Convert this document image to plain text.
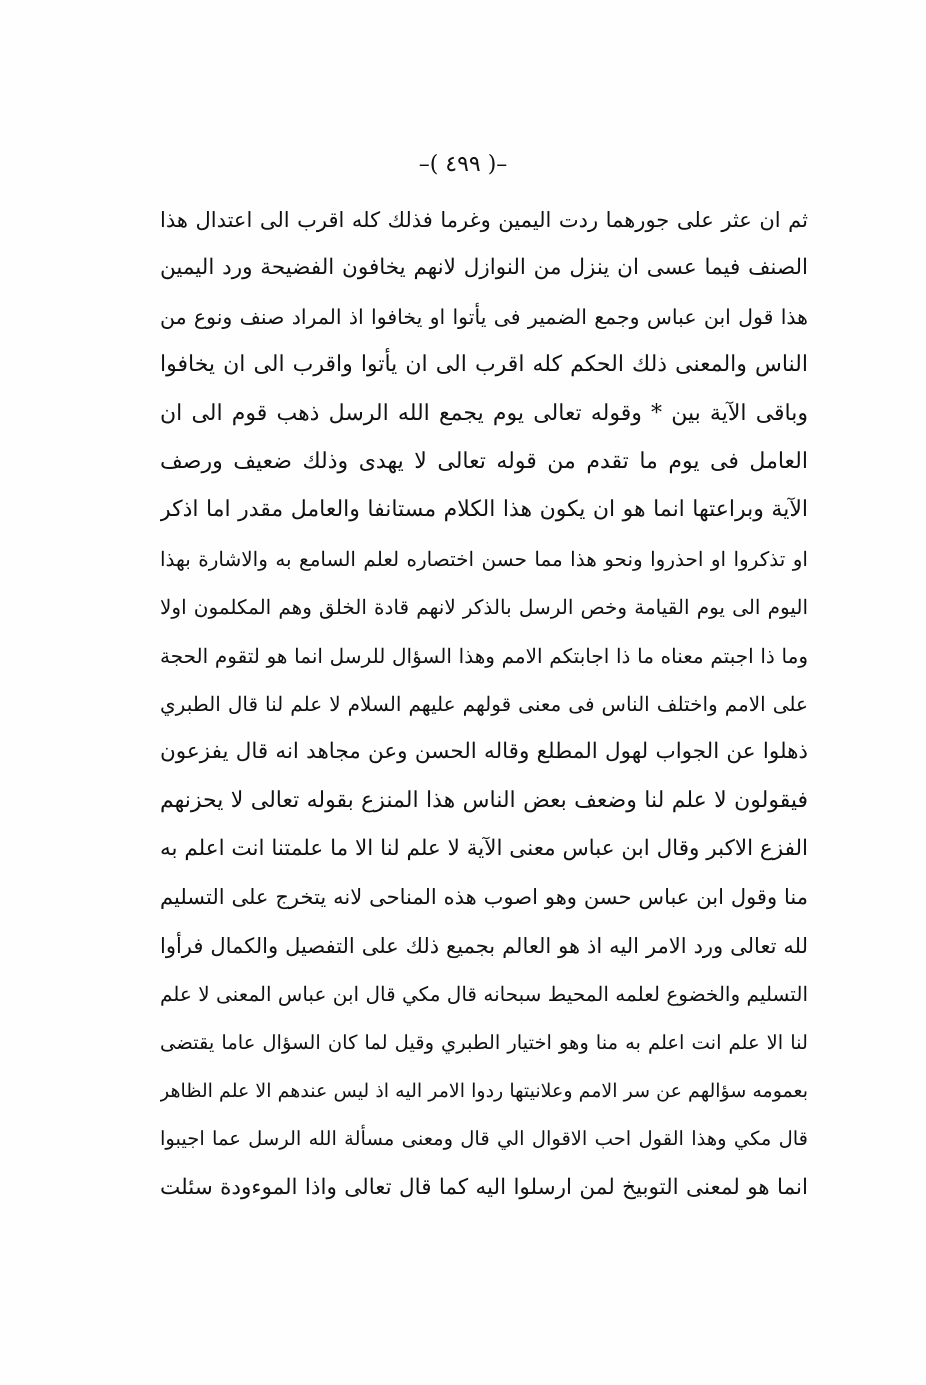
–( ٤٩٩ )–
ثم ان عثر على جورهما ردت اليمين وغرما فذلك كله اقرب الى اعتدال هذا
الصنف فيما عسى ان ينزل من النوازل لانهم يخافون الفضيحة ورد اليمين
هذا قول ابن عباس وجمع الضمير فى يأتوا او يخافوا اذ المراد صنف ونوع من
الناس والمعنى ذلك الحكم كله اقرب الى ان يأتوا واقرب الى ان يخافوا
وباقى الآية بين * وقوله تعالى يوم يجمع الله الرسل ذهب قوم الى ان
العامل فى يوم ما تقدم من قوله تعالى لا يهدى وذلك ضعيف ورصف
الآية وبراعتها انما هو ان يكون هذا الكلام مستانفا والعامل مقدر اما اذكر
او تذكروا او احذروا ونحو هذا مما حسن اختصاره لعلم السامع به والاشارة بهذا
اليوم الى يوم القيامة وخص الرسل بالذكر لانهم قادة الخلق وهم المكلمون اولا
وما ذا اجبتم معناه ما ذا اجابتكم الامم وهذا السؤال للرسل انما هو لتقوم الحجة
على الامم واختلف الناس فى معنى قولهم عليهم السلام لا علم لنا قال الطبري
ذهلوا عن الجواب لهول المطلع وقاله الحسن وعن مجاهد انه قال يفزعون
فيقولون لا علم لنا وضعف بعض الناس هذا المنزع بقوله تعالى لا يحزنهم
الفزع الاكبر وقال ابن عباس معنى الآية لا علم لنا الا ما علمتنا انت اعلم به
منا وقول ابن عباس حسن وهو اصوب هذه المناحى لانه يتخرج على التسليم
لله تعالى ورد الامر اليه اذ هو العالم بجميع ذلك على التفصيل والكمال فرأوا
التسليم والخضوع لعلمه المحيط سبحانه قال مكي قال ابن عباس المعنى لا علم
لنا الا علم انت اعلم به منا وهو اختيار الطبري وقيل لما كان السؤال عاما يقتضى
بعمومه سؤالهم عن سر الامم وعلانيتها ردوا الامر اليه اذ ليس عندهم الا علم الظاهر
قال مكي وهذا القول احب الاقوال الي قال ومعنى مسألة الله الرسل عما اجيبوا
انما هو لمعنى التوبيخ لمن ارسلوا اليه كما قال تعالى واذا الموءودة سئلت
